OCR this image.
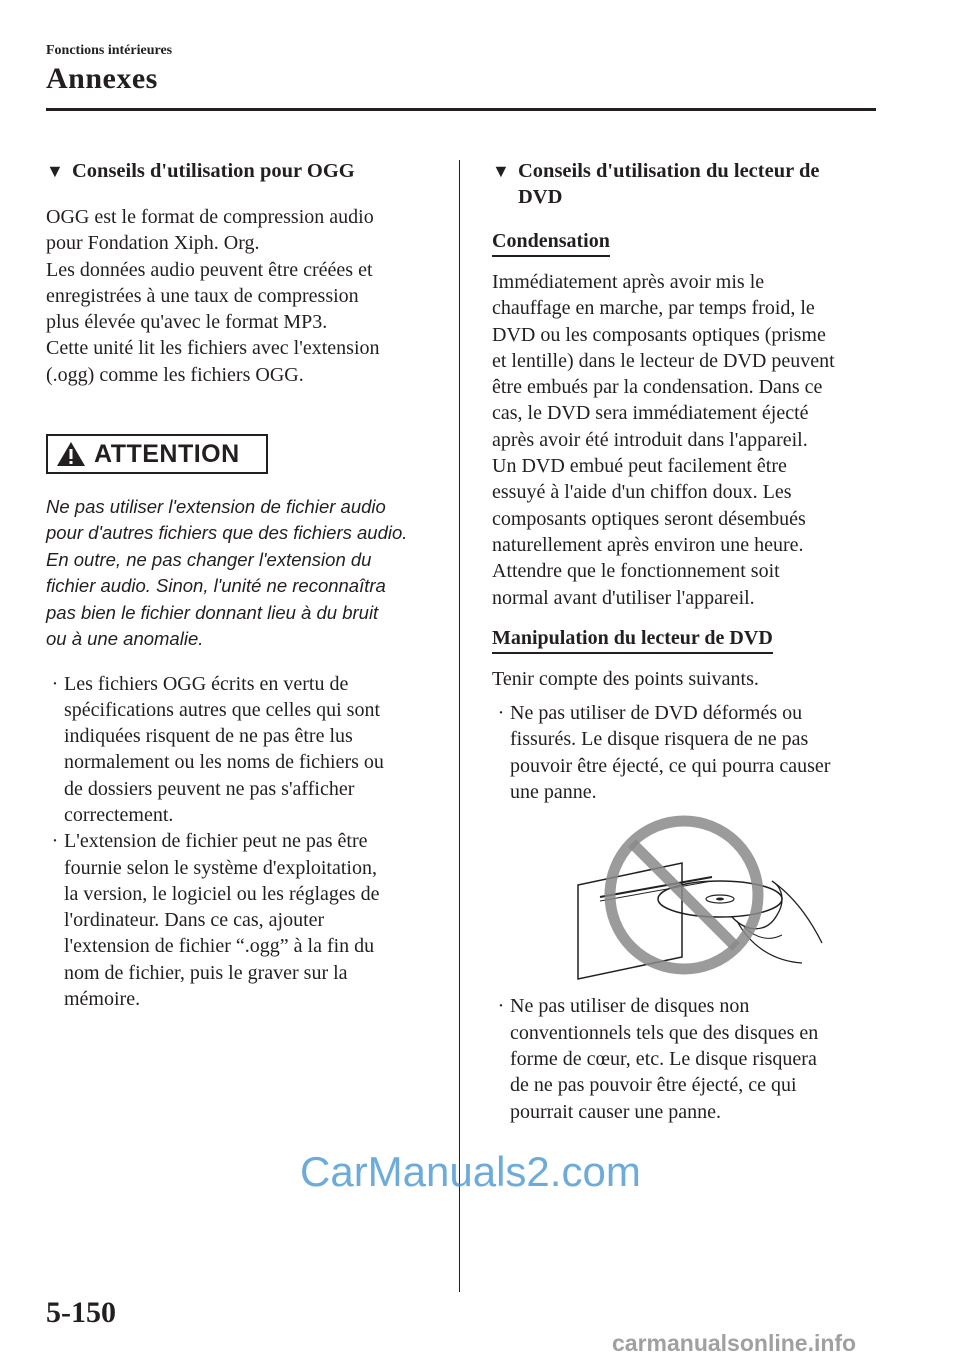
Fonctions intérieures
Annexes
▼ Conseils d'utilisation pour OGG
OGG est le format de compression audio
pour Fondation Xiph. Org.
Les données audio peuvent être créées et
enregistrées à une taux de compression
plus élevée qu'avec le format MP3.
Cette unité lit les fichiers avec l'extension
(.ogg) comme les fichiers OGG.
ATTENTION
Ne pas utiliser l'extension de fichier audio
pour d'autres fichiers que des fichiers audio.
En outre, ne pas changer l'extension du
fichier audio. Sinon, l'unité ne reconnaîtra
pas bien le fichier donnant lieu à du bruit
ou à une anomalie.
· Les fichiers OGG écrits en vertu de
spécifications autres que celles qui sont
indiquées risquent de ne pas être lus
normalement ou les noms de fichiers ou
de dossiers peuvent ne pas s'afficher
correctement.
· L'extension de fichier peut ne pas être
fournie selon le système d'exploitation,
la version, le logiciel ou les réglages de
l'ordinateur. Dans ce cas, ajouter
l'extension de fichier “.ogg” à la fin du
nom de fichier, puis le graver sur la
mémoire.
▼ Conseils d'utilisation du lecteur de
DVD
Condensation
Immédiatement après avoir mis le
chauffage en marche, par temps froid, le
DVD ou les composants optiques (prisme
et lentille) dans le lecteur de DVD peuvent
être embués par la condensation. Dans ce
cas, le DVD sera immédiatement éjecté
après avoir été introduit dans l'appareil.
Un DVD embué peut facilement être
essuyé à l'aide d'un chiffon doux. Les
composants optiques seront désembués
naturellement après environ une heure.
Attendre que le fonctionnement soit
normal avant d'utiliser l'appareil.
Manipulation du lecteur de DVD
Tenir compte des points suivants.
· Ne pas utiliser de DVD déformés ou
fissurés. Le disque risquera de ne pas
pouvoir être éjecté, ce qui pourra causer
une panne.
· Ne pas utiliser de disques non
conventionnels tels que des disques en
forme de cœur, etc. Le disque risquera
de ne pas pouvoir être éjecté, ce qui
pourrait causer une panne.
5-150
CarManuals2.com
carmanualsonline.info
